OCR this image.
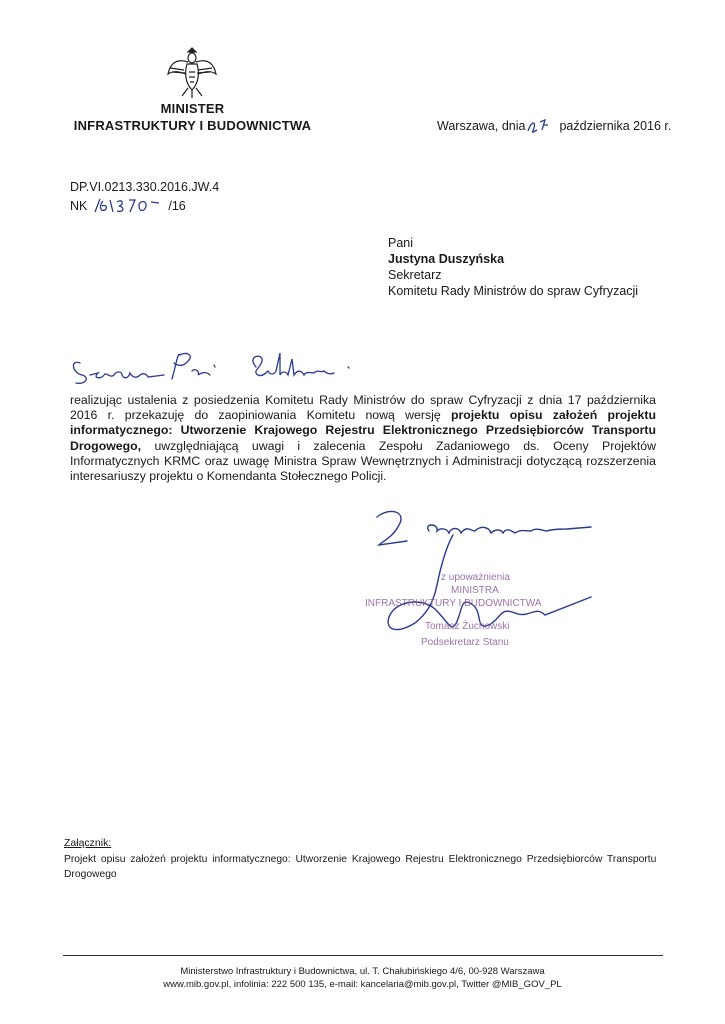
MINISTER
INFRASTRUKTURY I BUDOWNICTWA	Warszawa, dnia	października 2016 r.
DP.VI.0213.330.2016.JW.4
NK	/16
Pani
Justyna Duszyńska
Sekretarz
Komitetu Rady Ministrów do spraw Cyfryzacji
realizując ustalenia z posiedzenia Komitetu Rady Ministrów do spraw Cyfryzacji z dnia 17 października 2016 r. przekazuję do zaopiniowania Komitetu nową wersję projektu opisu założeń projektu informatycznego: Utworzenie Krajowego Rejestru Elektronicznego Przedsiębiorców Transportu Drogowego, uwzględniającą uwagi i zalecenia Zespołu Zadaniowego ds. Oceny Projektów Informatycznych KRMC oraz uwagę Ministra Spraw Wewnętrznych i Administracji dotyczącą rozszerzenia interesariuszy projektu o Komendanta Stołecznego Policji.
z upoważnienia
MINISTRA
INFRASTRUKTURY I BUDOWNICTWA
Tomasz Żuchowski
Podsekretarz Stanu
Załącznik:
Projekt opisu założeń projektu informatycznego: Utworzenie Krajowego Rejestru Elektronicznego Przedsiębiorców Transportu Drogowego
Ministerstwo Infrastruktury i Budownictwa, ul. T. Chałubińskiego 4/6, 00-928 Warszawa
www.mib.gov.pl, infolinia: 222 500 135, e-mail: kancelaria@mib.gov.pl, Twitter @MIB_GOV_PL
